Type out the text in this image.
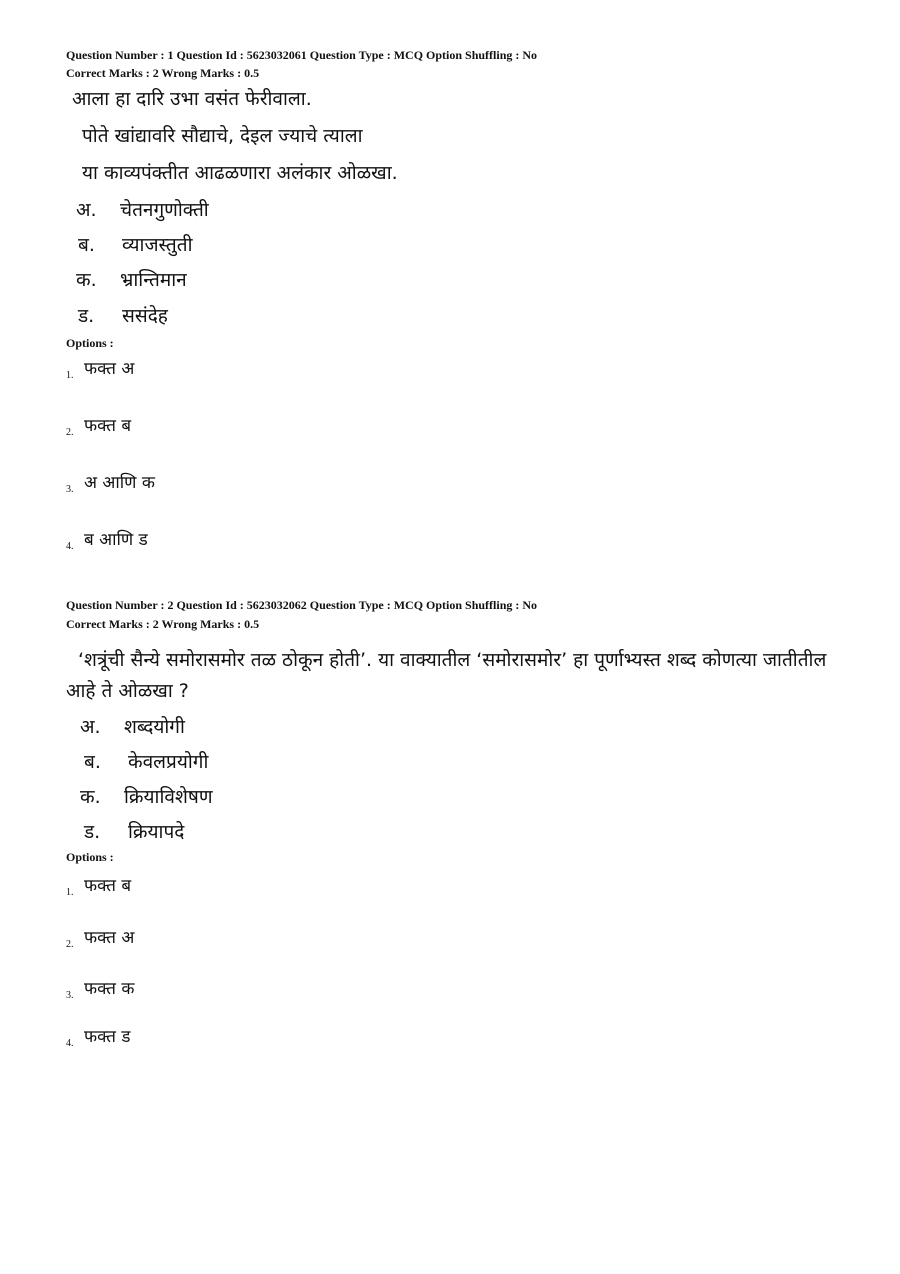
Question Number : 1 Question Id : 5623032061 Question Type : MCQ Option Shuffling : No
Correct Marks : 2 Wrong Marks : 0.5
आला हा दारि उभा वसंत फेरीवाला.
पोते खांद्यावरि सौद्याचे, देइल ज्याचे त्याला
या काव्यपंक्तीत आढळणारा अलंकार ओळखा.
अ. चेतनगुणोक्ती
ब. व्याजस्तुती
क. भ्रान्तिमान
ड. ससंदेह
Options :
1. फक्त अ
2. फक्त ब
3. अ आणि क
4. ब आणि ड
Question Number : 2 Question Id : 5623032062 Question Type : MCQ Option Shuffling : No
Correct Marks : 2 Wrong Marks : 0.5
‘शत्रूंची सैन्ये समोरासमोर तळ ठोकून होती’. या वाक्यातील ‘समोरासमोर’ हा पूर्णाभ्यस्त शब्द कोणत्या जातीतील आहे ते ओळखा ?
अ. शब्दयोगी
ब. केवलप्रयोगी
क. क्रियाविशेषण
ड. क्रियापदे
Options :
1. फक्त ब
2. फक्त अ
3. फक्त क
4. फक्त ड
